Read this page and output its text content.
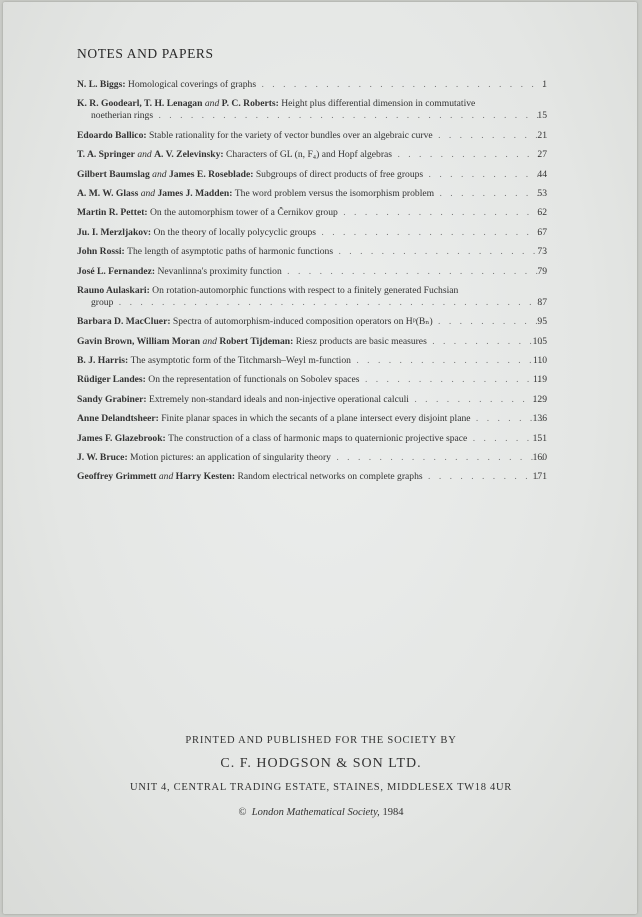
NOTES AND PAPERS
N. L. Biggs: Homological coverings of graphs . . .	1
K. R. Goodearl, T. H. Lenagan and P. C. Roberts: Height plus differential dimension in commutative
noetherian rings . . .	15
Edoardo Ballico: Stable rationality for the variety of vector bundles over an algebraic curve . . .	21
T. A. Springer and A. V. Zelevinsky: Characters of GL (n, F₄) and Hopf algebras . . .	27
Gilbert Baumslag and James E. Roseblade: Subgroups of direct products of free groups . . .	44
A. M. W. Glass and James J. Madden: The word problem versus the isomorphism problem . . .	53
Martin R. Pettet: On the automorphism tower of a Černikov group . . .	62
Ju. I. Merzljakov: On the theory of locally polycyclic groups . . .	67
John Rossi: The length of asymptotic paths of harmonic functions . . .	73
José L. Fernandez: Nevanlinna's proximity function . . .	79
Rauno Aulaskari: On rotation-automorphic functions with respect to a finitely generated Fuchsian
group . . .	87
Barbara D. MacCluer: Spectra of automorphism-induced composition operators on Hᵖ(Bₙ) . . .	95
Gavin Brown, William Moran and Robert Tijdeman: Riesz products are basic measures . . .	105
B. J. Harris: The asymptotic form of the Titchmarsh–Weyl m-function . . .	110
Rüdiger Landes: On the representation of functionals on Sobolev spaces . . .	119
Sandy Grabiner: Extremely non-standard ideals and non-injective operational calculi . . .	129
Anne Delandtsheer: Finite planar spaces in which the secants of a plane intersect every disjoint plane . . .	136
James F. Glazebrook: The construction of a class of harmonic maps to quaternionic projective space . . .	151
J. W. Bruce: Motion pictures: an application of singularity theory . . .	160
Geoffrey Grimmett and Harry Kesten: Random electrical networks on complete graphs . . .	171
PRINTED AND PUBLISHED FOR THE SOCIETY BY
C. F. HODGSON & SON LTD.
UNIT 4, CENTRAL TRADING ESTATE, STAINES, MIDDLESEX TW18 4UR
© London Mathematical Society, 1984
